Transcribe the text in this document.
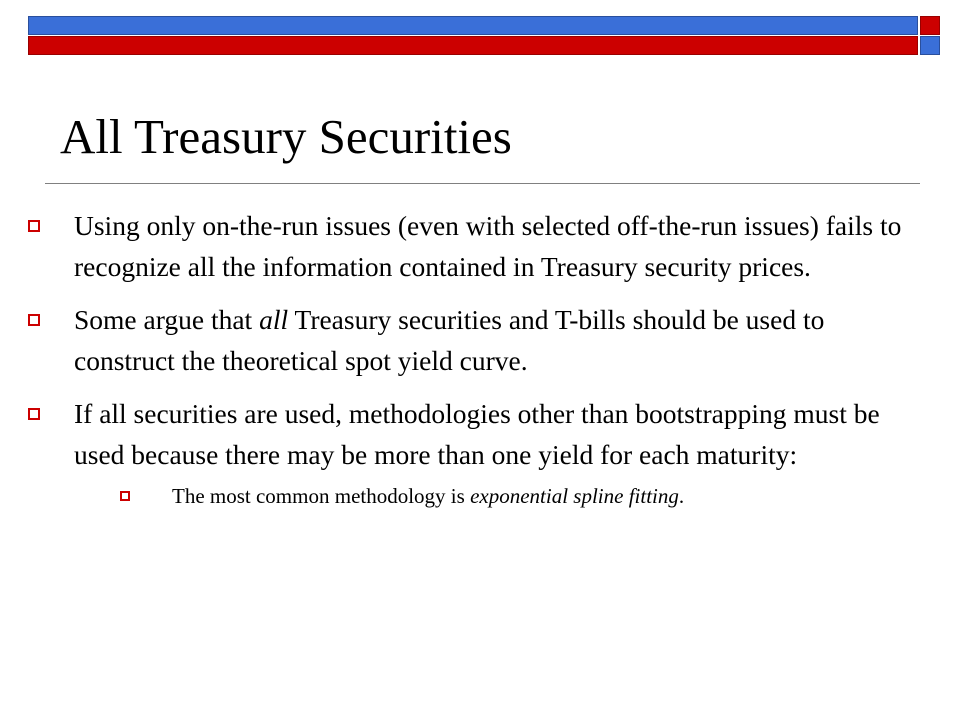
All Treasury Securities
Using only on-the-run issues (even with selected off-the-run issues) fails to recognize all the information contained in Treasury security prices.
Some argue that all Treasury securities and T-bills should be used to construct the theoretical spot yield curve.
If all securities are used, methodologies other than bootstrapping must be used because there may be more than one yield for each maturity:
The most common methodology is exponential spline fitting.
